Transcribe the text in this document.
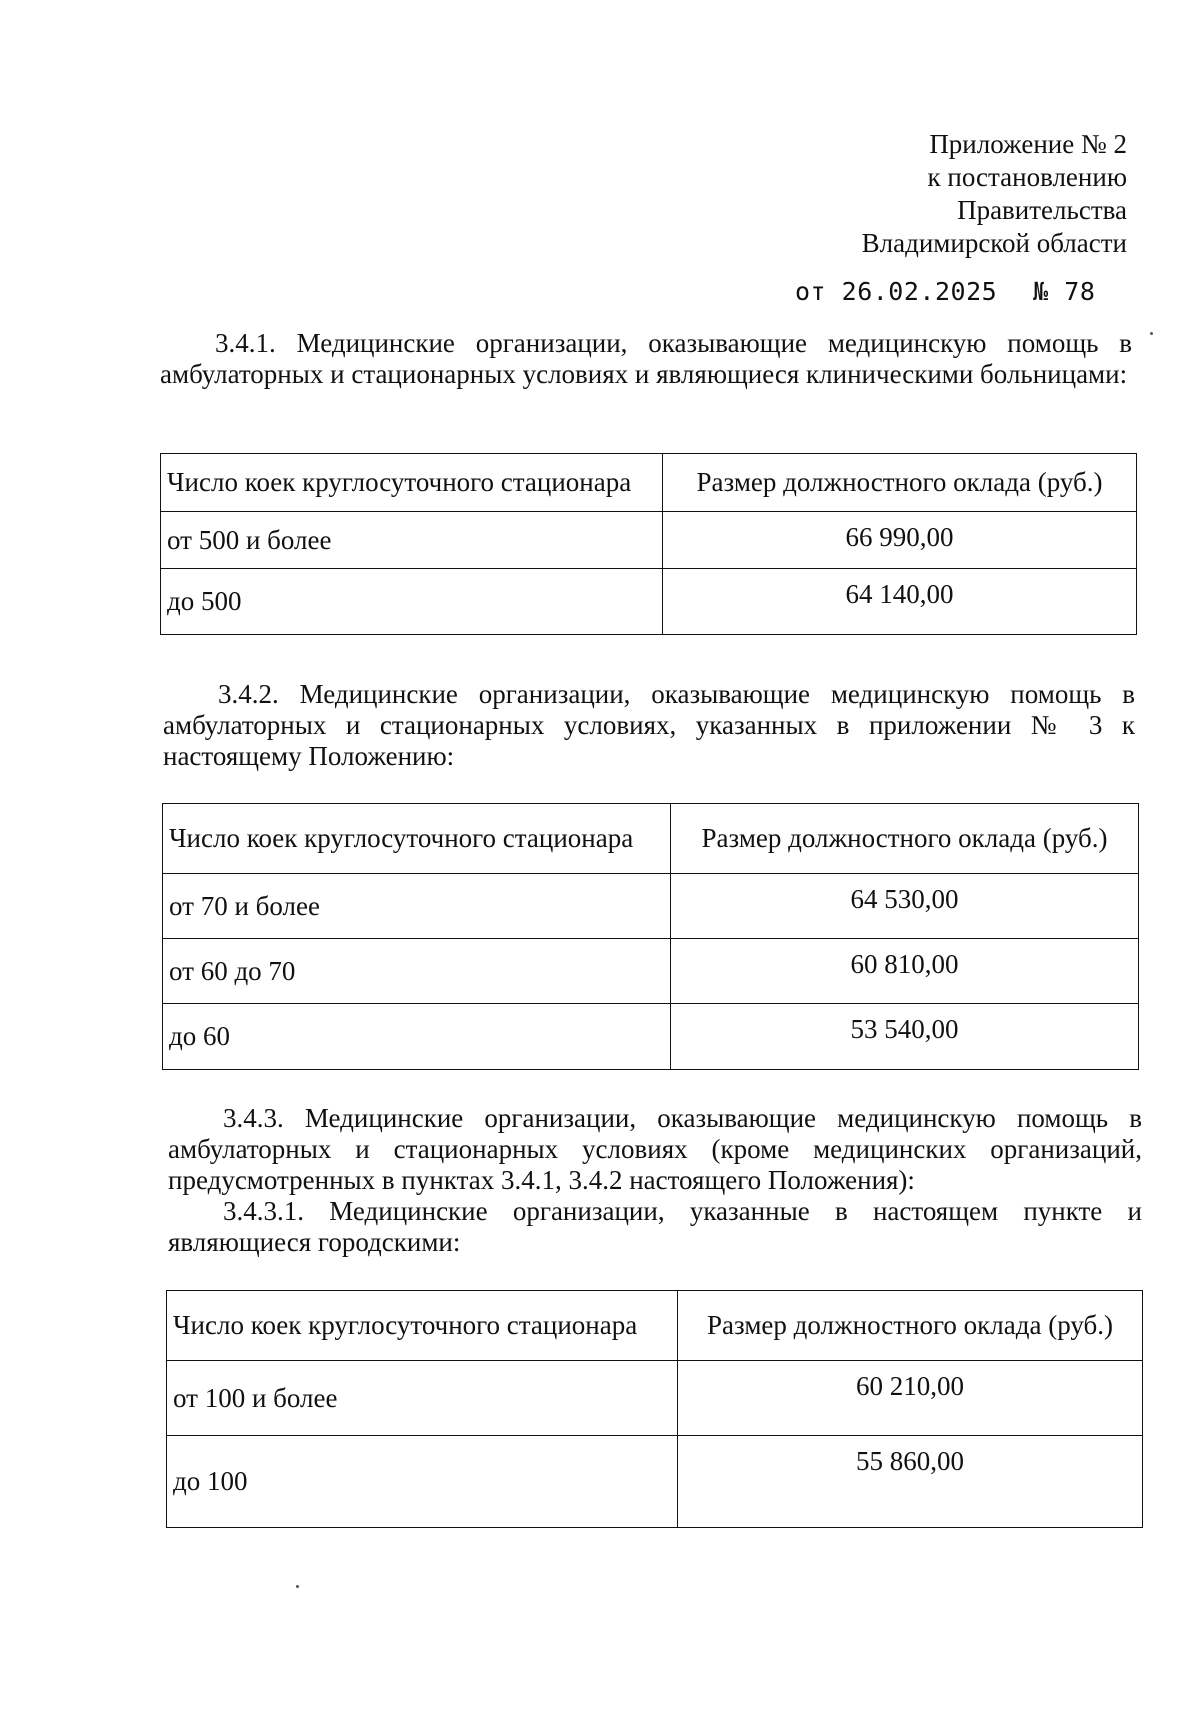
Приложение № 2
к постановлению
Правительства
Владимирской области
от 26.02.2025 № 78
3.4.1. Медицинские организации, оказывающие медицинскую помощь в амбулаторных и стационарных условиях и являющиеся клиническими больницами:
Число коек круглосуточного стационара	Размер должностного оклада (руб.)
от 500 и более	66 990,00
до 500	64 140,00
3.4.2. Медицинские организации, оказывающие медицинскую помощь в амбулаторных и стационарных условиях, указанных в приложении № 3 к настоящему Положению:
Число коек круглосуточного стационара	Размер должностного оклада (руб.)
от 70 и более	64 530,00
от 60 до 70	60 810,00
до 60	53 540,00
3.4.3. Медицинские организации, оказывающие медицинскую помощь в амбулаторных и стационарных условиях (кроме медицинских организаций, предусмотренных в пунктах 3.4.1, 3.4.2 настоящего Положения):
3.4.3.1. Медицинские организации, указанные в настоящем пункте и являющиеся городскими:
Число коек круглосуточного стационара	Размер должностного оклада (руб.)
от 100 и более	60 210,00
до 100	55 860,00
